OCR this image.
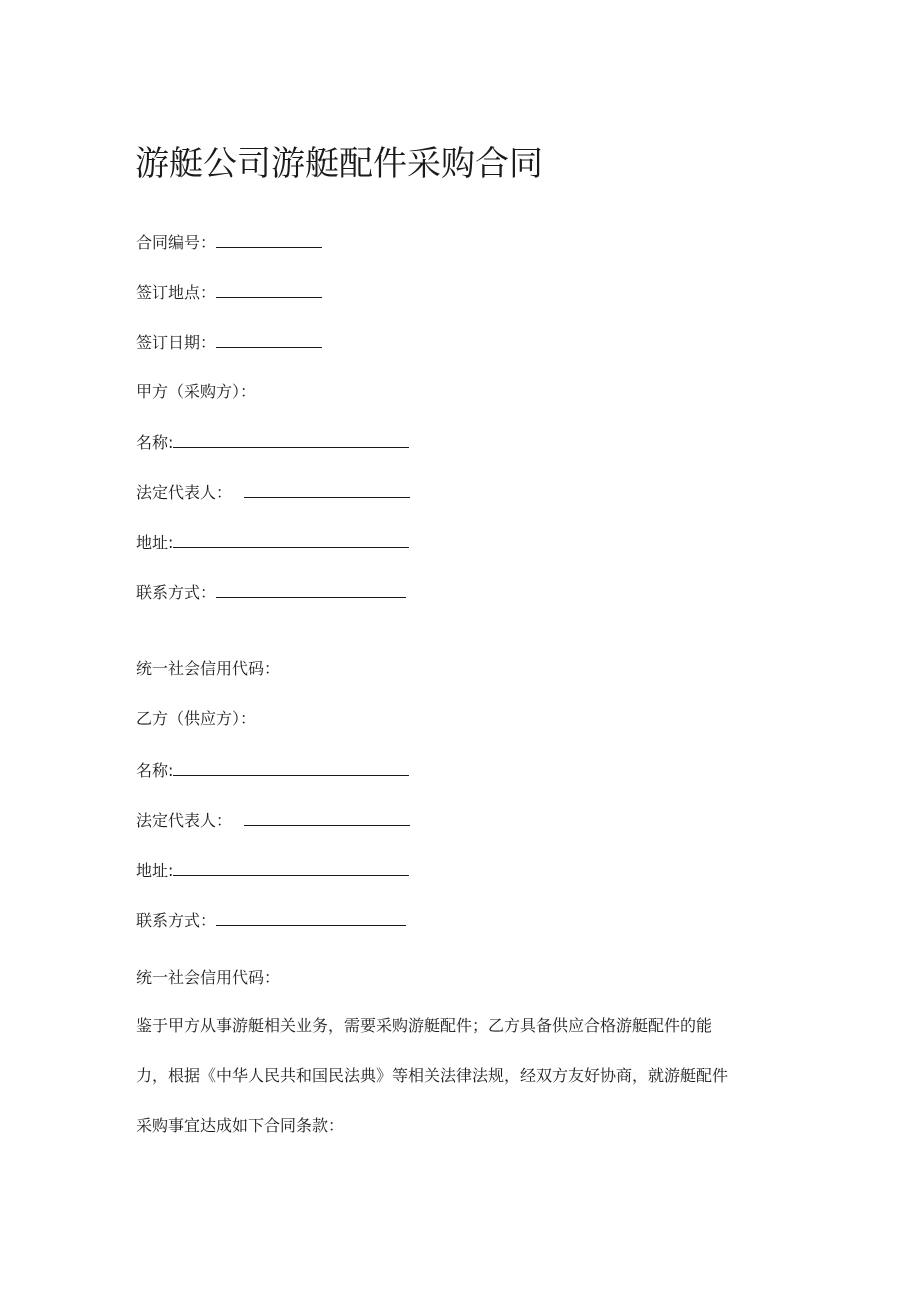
游艇公司游艇配件采购合同
合同编号：
签订地点：
签订日期：
甲方（采购方）：
名称:
法定代表人：
地址:
联系方式：
统一社会信用代码：
乙方（供应方）：
名称:
法定代表人：
地址:
联系方式：
统一社会信用代码：
鉴于甲方从事游艇相关业务，需要采购游艇配件；乙方具备供应合格游艇配件的能
力，根据《中华人民共和国民法典》等相关法律法规，经双方友好协商，就游艇配件
采购事宜达成如下合同条款：
